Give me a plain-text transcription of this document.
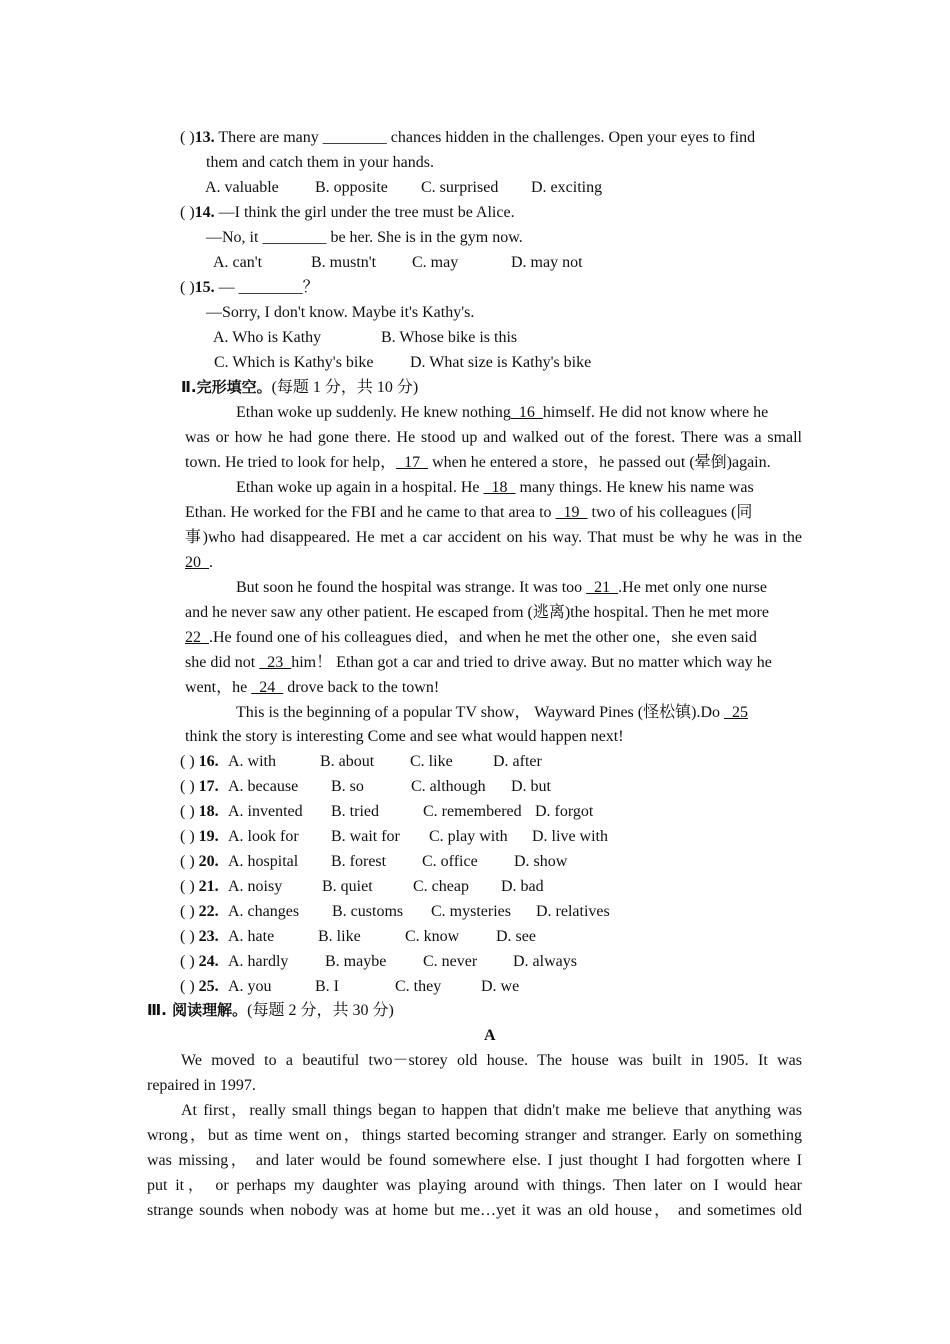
( )13. There are many ________ chances hidden in the challenges. Open your eyes to find
them and catch them in your hands.
A. valuable B. opposite C. surprised D. exciting
( )14. —I think the girl under the tree must be Alice.
—No, it ________ be her. She is in the gym now.
A. can't	B. mustn't C. may	D. may not
( )15. — ________？
—Sorry, I don't know. Maybe it's Kathy's.
A. Who is Kathy	B. Whose bike is this
C. Which is Kathy's bike D. What size is Kathy's bike
Ⅱ.完形填空。(每题 1 分，共 10 分)
Ethan woke up suddenly. He knew nothing  16  himself. He did not know where he
was or how he had gone there. He stood up and walked out of the forest. There was a small
town. He tried to look for help，  17   when he entered a store，he passed out (晕倒)again.
Ethan woke up again in a hospital. He   18   many things. He knew his name was
Ethan. He worked for the FBI and he came to that area to   19   two of his colleagues (同
事)who had disappeared. He met a car accident on his way. That must be why he was in the
20  .
But soon he found the hospital was strange. It was too   21  .He met only one nurse
and he never saw any other patient. He escaped from (逃离)the hospital. Then he met more
22  .He found one of his colleagues died，and when he met the other one，she even said
she did not   23  him！ Ethan got a car and tried to drive away. But no matter which way he
went，he   24   drove back to the town!
This is the beginning of a popular TV show， Wayward Pines (怪松镇).Do   25
think the story is interesting Come and see what would happen next!
( ) 16. A. with	B. about C. like	D. after
( ) 17. A. because B. so	C. although D. but
( ) 18. A. invented B. tried	C. remembered D. forgot
( ) 19. A. look for B. wait for C. play with D. live with
( ) 20. A. hospital B. forest C. office D. show
( ) 21. A. noisy B. quiet	C. cheap D. bad
( ) 22. A. changes B. customs C. mysteries D. relatives
( ) 23. A. hate	B. like	C. know D. see
( ) 24. A. hardly B. maybe C. never D. always
( ) 25. A. you	B. I	C. they D. we
Ⅲ. 阅读理解。(每题 2 分，共 30 分)
A
We moved to a beautiful two－storey old house. The house was built in 1905. It was
repaired in 1997.
At first，really small things began to happen that didn't make me believe that anything was
wrong，but as time went on，things started becoming stranger and stranger. Early on something
was missing， and later would be found somewhere else. I just thought I had forgotten where I
put it， or perhaps my daughter was playing around with things. Then later on I would hear
strange sounds when nobody was at home but me…yet it was an old house， and sometimes old
